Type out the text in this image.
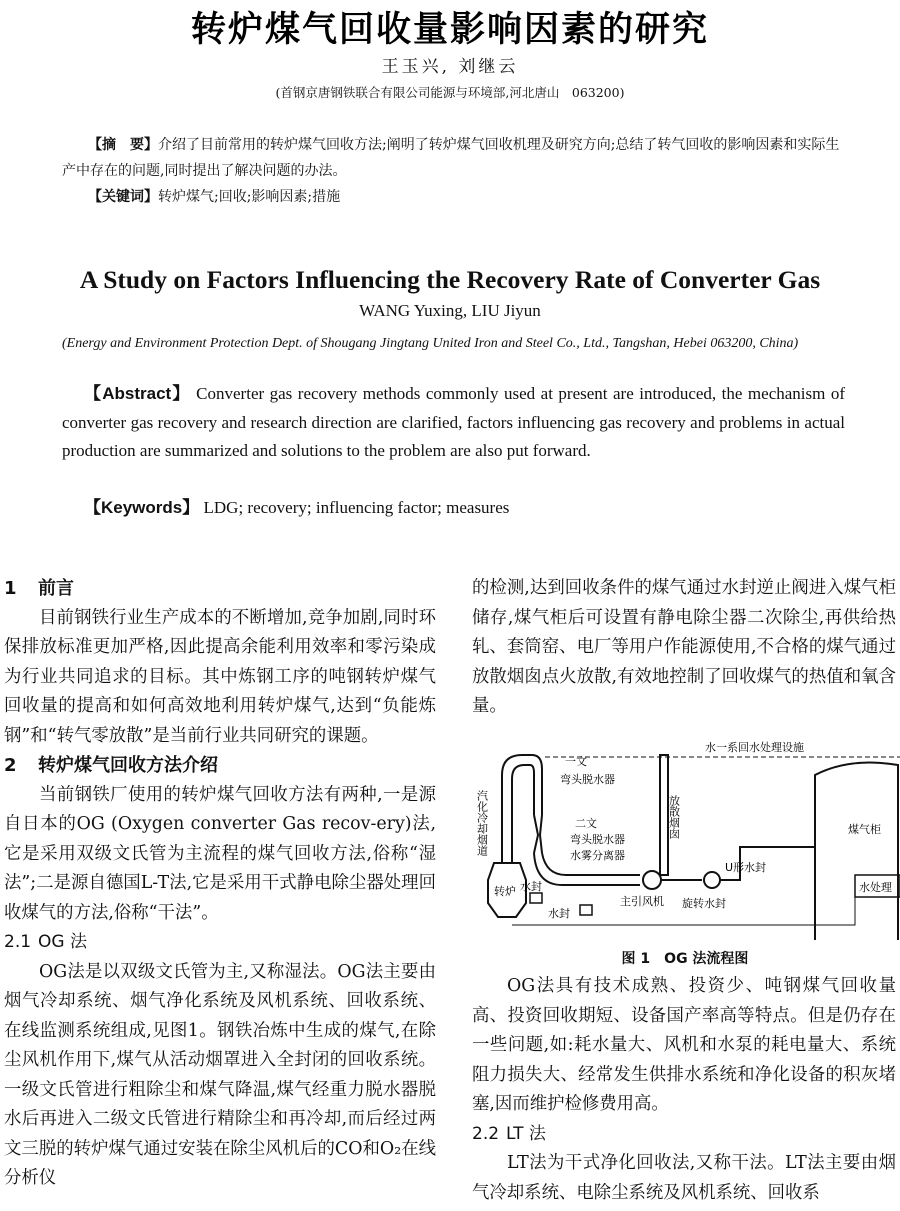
转炉煤气回收量影响因素的研究
王玉兴, 刘继云
(首钢京唐钢铁联合有限公司能源与环境部,河北唐山　063200)
【摘　要】介绍了目前常用的转炉煤气回收方法;阐明了转炉煤气回收机理及研究方向;总结了转气回收的影响因素和实际生产中存在的问题,同时提出了解决问题的办法。
【关键词】转炉煤气;回收;影响因素;措施
A Study on Factors Influencing the Recovery Rate of Converter Gas
WANG Yuxing, LIU Jiyun
(Energy and Environment Protection Dept. of Shougang Jingtang United Iron and Steel Co., Ltd., Tangshan, Hebei 063200, China)

【Abstract】 Converter gas recovery methods commonly used at present are introduced, the mechanism of converter gas recovery and research direction are clarified, factors influencing gas recovery and problems in actual production are summarized and solutions to the problem are also put forward.

【Keywords】 LDG; recovery; influencing factor; measures
1 前言

目前钢铁行业生产成本的不断增加,竞争加剧,同时环保排放标准更加严格,因此提高余能利用效率和零污染成为行业共同追求的目标。其中炼钢工序的吨钢转炉煤气回收量的提高和如何高效地利用转炉煤气,达到“负能炼钢”和“转气零放散”是当前行业共同研究的课题。

2 转炉煤气回收方法介绍

当前钢铁厂使用的转炉煤气回收方法有两种,一是源自日本的OG (Oxygen converter Gas recov-ery)法,它是采用双级文氏管为主流程的煤气回收方法,俗称“湿法”;二是源自德国L-T法,它是采用干式静电除尘器处理回收煤气的方法,俗称“干法”。

2.1 OG 法

OG法是以双级文氏管为主,又称湿法。OG法主要由烟气冷却系统、烟气净化系统及风机系统、回收系统、在线监测系统组成,见图1。钢铁冶炼中生成的煤气,在除尘风机作用下,煤气从活动烟罩进入全封闭的回收系统。一级文氏管进行粗除尘和煤气降温,煤气经重力脱水器脱水后再进入二级文氏管进行精除尘和再冷却,而后经过两文三脱的转炉煤气通过安装在除尘风机后的CO和O₂在线分析仪

的检测,达到回收条件的煤气通过水封逆止阀进入煤气柜储存,煤气柜后可设置有静电除尘器二次除尘,再供给热轧、套筒窑、电厂等用户作能源使用,不合格的煤气通过放散烟囱点火放散,有效地控制了回收煤气的热值和氧含量。

汽化冷却烟道
一文
弯头脱水器
二文
弯头脱水器
水雾分离器
水封
水封
转炉
放散烟囱
主引风机 旋转水封
U形水封
煤气柜
水一系回水处理设施
水处理
图 1　OG 法流程图

OG法具有技术成熟、投资少、吨钢煤气回收量高、投资回收期短、设备国产率高等特点。但是仍存在一些问题,如:耗水量大、风机和水泵的耗电量大、系统阻力损失大、经常发生供排水系统和净化设备的积灰堵塞,因而维护检修费用高。

2.2 LT 法

LT法为干式净化回收法,又称干法。LT法主要由烟气冷却系统、电除尘系统及风机系统、回收系
